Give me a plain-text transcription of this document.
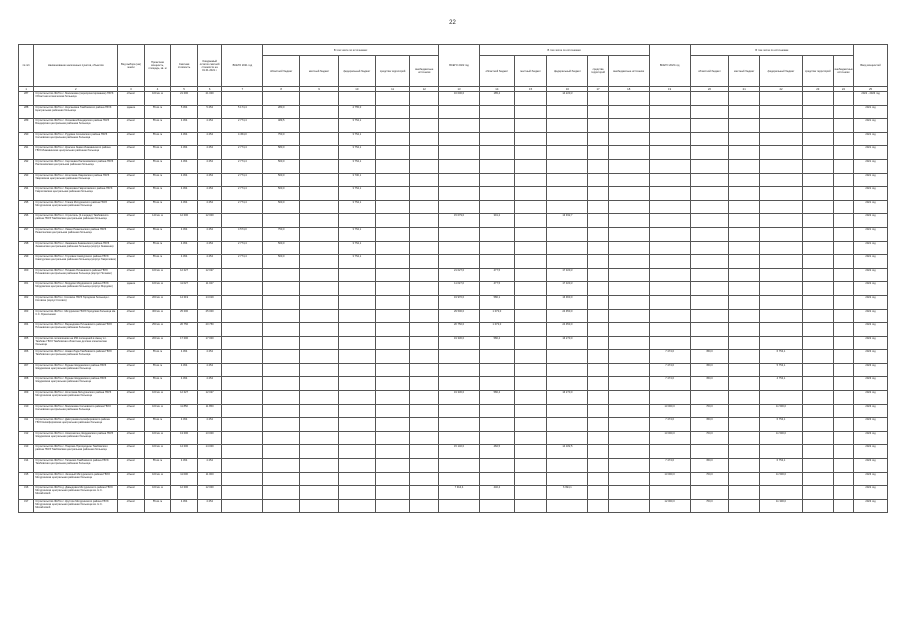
22
№ п/п	Наименование населенных пунктов, объектов	Вид выбора (на) земли	Проектная мощность, площадь, кв. м	Сметная стоимость	Ожидаемый остаток сметной стоимости на 01.01.2021 г.	ВСЕГО 2021 год	В том числе по источникам:					ВСЕГО 2022 год	В том числе по источникам:					ВСЕГО 2023 год	В том числе по источникам					Ввод мощностей
							областной бюджет	местный бюджет	федеральный бюджет	средства территорий	внебюджетные источники		областной бюджет	местный бюджет	федеральный бюджет	средства территорий	внебюджетные источники		областной бюджет	местный бюджет	федеральный бюджет	средства территорий	внебюджетные источники	
1	2	3	4	5	6	7	8	9	10	11	12	13	14	15	16	17	18	19	20	21	22	23	24	25
287	Строительство ФАП в с. Малиновка (перепроектирование) ГБУЗ Областная клиническая больница	объект	100 кв. м	21 000	21 000							16 000,0	185,4		14 220,3									2022 - 2023 год
288	Строительство ФАП в с. Кирсановка Тамбовского района ГБУЗ Центральная районная больница	здание	55 кв. м	5 454	5 454	5 174,4	280,0		4 755,0															2021 год
289	Строительство ФАП в с. Осиновка Бондарского района ГБУЗ Бондарская центральная районная больница	объект	55 кв. м	4 454	4 454	2 774,4	489,5		3 754,1															2021 год
290	Строительство ФАП в с. Рудовка Сосновского района ГБУЗ Сосновская центральная районная больница	объект	55 кв. м	4 454	4 454	4 454,0	750,0		3 754,1															2021 год
291	Строительство ФАП в с. Красное Знамя Инжавинского района ГБУЗ Инжавинская центральная районная больница	объект	55 кв. м	4 454	4 454	2 774,4	580,0		3 754,1															2021 год
292	Строительство ФАП в с. Сергиевка Рассказовского района ГБУЗ Рассказовская центральная районная больница	объект	55 кв. м	4 454	4 454	2 774,4	500,0		3 754,1															2021 год
293	Строительство ФАП в с. Кочетовка Уваровского района ГБУЗ Уваровская центральная районная больница	объект	55 кв. м	4 454	4 454	2 774,4	500,0		3 700,1															2021 год
294	Строительство ФАП в с. Березовка Гавриловского района ГБУЗ Гавриловская центральная районная больница	объект	55 кв. м	4 454	4 454	2 774,4	500,0		3 754,1															2021 год
295	Строительство ФАП в с. Глазок Мичуринского района ГБУЗ Мичуринская центральная районная больница	объект	55 кв. м	4 454	4 454	2 774,4	500,0		3 754,1															2021 год
296	Строительство ФАП в п. Строитель (3 очереди) Тамбовского района ГБУЗ Тамбовская центральная районная больница	объект	140 кв. м	12 000	12 000							15 079,0	391,2		13 932,7									2022 год
297	Строительство ФАП в с. Ламки Ржаксинского района ГБУЗ Ржаксинская центральная районная больница	объект	55 кв. м	4 454	4 454	4 574,0	750,0		3 754,1															2021 год
298	Строительство ФАП в с. Знаменка Знаменского района ГБУЗ Знаменская центральная районная больница (корпус Знаменка)	объект	55 кв. м	4 454	4 454	2 774,4	500,0		3 754,1															2021 год
299	Строительство ФАП в с. Глуховка Сампурского района ГБУЗ Сампурская центральная районная больница (корпус Гавриловка)	объект	55 кв. м	4 454	4 454	2 774,4	500,0		3 754,1															2021 год
300	Строительство ФАП в с. Пичаево Пичаевского района ГБУЗ Пичаевская центральная районная больница (корпус Пичаево)	объект	100 кв. м	12 027	12 027							21 027,0	477,5		17 320,3									2022 год
301	Строительство ФАП в с. Мордово Мордовского района ГБУЗ Мордовская центральная районная больница (корпус Мордово)	здание	100 кв. м	11 027	11 027							11 027,0	477,5		17 320,3									2022 год
302	Строительство ФАП в г. Котовске ГБУЗ Городская больница г. Котовска (корпус Котовск)	объект	200 кв. м	14 019	14 019							19 970,0	580,1		16 960,0									2022 год
303	Строительство ФАП в г. Мичуринске ГБУЗ Городская больница им. С.С. Брюхоненко	объект	300 кв. м	25 000	25 000							29 500,0	1 073,0		24 950,0									2022 год
304	Строительство ФАП в с. Вернадовка Пичаевского района ГБУЗ Пичаевская центральная районная больница	объект	250 кв. м	20 750	20 750							20 750,0	1 073,0		24 950,0									2022 год
305	Строительство поликлиники на 250 посещений в смену в г. Тамбове ГБУЗ Тамбовская областная детская клиническая больница	объект	200 кв. м	17 000	17 000							19 330,0	580,4		16 270,0									2022 год
306	Строительство ФАП в с. Новая Ляда Тамбовского района ГБУЗ Тамбовская центральная районная больница	объект	55 кв. м	4 454	4 454													7 474,6	350,0		6 754,1			2023 год
307	Строительство ФАП в с. Бурнак Жердевского района ГБУЗ Жердевская центральная районная больница	объект	55 кв. м	4 454	4 454													7 474,6	350,0		5 754,1			2023 год
308	Строительство ФАП в с. Бурнак Жердевского района ГБУЗ Жердевская центральная районная больница	объект	55 кв. м	4 454	4 454													7 474,6	350,0		4 754,1			2023 год
309	Строительство ФАП в с. Кочетовка Мичуринского района ГБУЗ Мичуринская центральная районная больница	объект	100 кв. м	12 027	12 027							19 330,0	580,4		16 270,0									2022 год
310	Строительство ФАП в с. Малиновка Сосновского района ГБУЗ Сосновская центральная районная больница	объект	100 кв. м	11 850	11 850													13 000,0	700,0		11 500,0			2023 год
311	Строительство ФАП в с. Дмитриевка Никифоровского района ГБУЗ Никифоровская центральная районная больница	объект	55 кв. м	4 454	4 454													7 474,6	350,0		6 754,1			2023 год
312	Строительство ФАП в п. Комсомолец Жердевского района ГБУЗ Жердевская центральная районная больница	объект	100 кв. м	13 000	13 000													13 000,0	700,0		11 500,0			2023 год
313	Строительство ФАП в с. Покрово-Пригородное Тамбовского района ГБУЗ Тамбовская центральная районная больница	объект	100 кв. м	14 000	14 000							15 140,0	482,5		14 182,5									2022 год
314	Строительство ФАП в с. Татаново Тамбовского района ГБУЗ Тамбовская центральная районная больница	объект	55 кв. м	4 454	4 454													7 474,6	350,0		6 754,1			2023 год
315	Строительство ФАП в п. Зеленый Мичуринского района ГБУЗ Мичуринская центральная районная больница	объект	100 кв. м	11 000	11 000													13 000,0	700,0		11 500,0			2023 год
316	Строительство ФАП в д. Давыдовка Мичуринского района ГБУЗ Мичуринская центральная районная больница им. Н.С. Михайловой	объект	100 кв. м	12 000	12 000							7 914,4	440,4		6 994,1									2022 год
317	Строительство ФАП в с. Круглое Мичуринского района ГБУЗ Мичуринская центральная районная больница им. Н.С. Михайловой	объект	55 кв. м	4 454	4 454													12 000,0	700,0		11 300,0			2023 год
